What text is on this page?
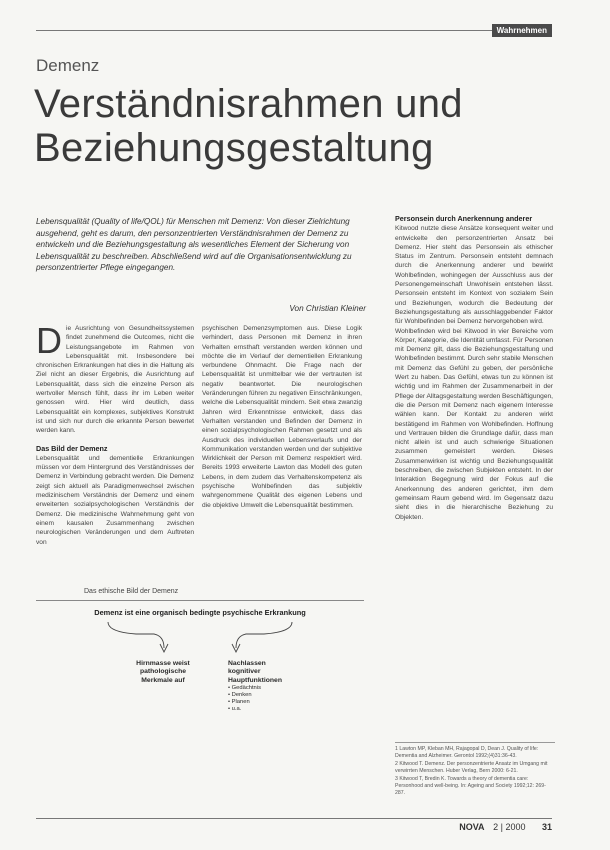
Wahrnehmen
Demenz
Verständnisrahmen und Beziehungsgestaltung
Lebensqualität (Quality of life/QOL) für Menschen mit Demenz: Von dieser Zielrichtung ausgehend, geht es darum, den personzentrierten Verständnisrahmen der Demenz zu entwickeln und die Beziehungsgestaltung als wesentliches Element der Sicherung von Lebensqualität zu beschreiben. Abschließend wird auf die Organisationsentwicklung zu personzentrierter Pflege eingegangen.
Von Christian Kleiner

Die Ausrichtung von Gesundheitssystemen findet zunehmend die Outcomes, nicht die Leistungsangebote im Rahmen von Lebensqualität mit. Insbesondere bei chronischen Erkrankungen hat dies in die Haltung als Ziel nicht an dieser Ergebnis, die Ausrichtung auf Lebensqualität, dass sich die einzelne Person als wertvoller Mensch fühlt, dass ihr im Leben weiter genossen wird. Hier wird deutlich, dass Lebensqualität ein komplexes, subjektives Konstrukt ist und sich nur durch die erkannte Person bewertet werden kann.

Das Bild der Demenz

Lebensqualität und dementielle Erkrankungen müssen vor dem Hintergrund des Verständnisses der Demenz in Verbindung gebracht werden. Die Demenz zeigt sich aktuell als Paradigmenwechsel zwischen medizinischem Verständnis der Demenz und einem erweiterten sozialpsychologischen Verständnis der Demenz. Die medizinische Wahrnehmung geht von einem kausalen Zusammenhang zwischen neurologischen Veränderungen und dem Auftreten von

psychischen Demenzsymptomen aus. Diese Logik verhindert, dass Personen mit Demenz in ihren Verhalten ernsthaft verstanden werden können und möchte die im Verlauf der dementiellen Erkrankung verbundene Ohnmacht. Die Frage nach der Lebensqualität ist unmittelbar wie der vertrauten ist negativ beantwortet. Die neurologischen Veränderungen führen zu negativen Einschränkungen, welche die Lebensqualität mindern. Seit etwa zwanzig Jahren wird Erkenntnisse entwickelt, dass das Verhalten verstanden und Befinden der Demenz in einen sozialpsychologischen Rahmen gesetzt und als Ausdruck des individuellen Lebensverlaufs und der Kommunikation verstanden werden und der subjektive Wirklichkeit der Person mit Demenz respektiert wird. Bereits 1993 erweiterte Lawton das Modell des guten Lebens, in dem zudem das Verhaltenskompetenz als psychische Wohlbefinden das subjektiv wahrgenommene Qualität des eigenen Lebens und die objektive Umwelt die Lebensqualität bestimmen.

Personsein durch Anerkennung anderer

Kitwood nutzte diese Ansätze konsequent weiter und entwickelte den personzentrierten Ansatz bei Demenz. Hier steht das Personsein als ethischer Status im Zentrum. Personsein entsteht demnach durch die Anerkennung anderer und bewirkt Wohlbefinden, wohingegen der Ausschluss aus der Personengemeinschaft Unwohlsein entstehen lässt. Personsein entsteht im Kontext von sozialem Sein und Beziehungen, wodurch die Bedeutung der Beziehungsgestaltung als ausschlaggebender Faktor für Wohlbefinden bei Demenz hervorgehoben wird.

Wohlbefinden wird bei Kitwood in vier Bereiche vom Körper, Kategorie, die Identität umfasst. Für Personen mit Demenz gilt, dass die Beziehungsgestaltung und Wohlbefinden bestimmt. Durch sehr stabile Menschen mit Demenz das Gefühl zu geben, der persönliche Wert zu haben. Das Gefühl, etwas tun zu können ist wichtig und im Rahmen der Zusammenarbeit in der Pflege der Alltagsgestaltung werden Beschäftigungen, die die Person mit Demenz nach eigenem Interesse wählen kann. Der Kontakt zu anderen wirkt bestätigend im Rahmen von Wohlbefinden. Hoffnung und Vertrauen bilden die Grundlage dafür, dass man nicht allein ist und auch schwierige Situationen zusammen gemeistert werden. Dieses Zusammenwirken ist wichtig und Beziehungsqualität beschreiben, die zwischen Subjekten entsteht. In der Interaktion Begegnung wird der Fokus auf die Anerkennung des anderen gerichtet, ihm dem gemeinsam Raum gebend wird. Im Gegensatz dazu sieht dies in die hierarchische Beziehung zu Objekten.

Das ethische Bild der Demenz
Demenz ist eine organisch bedingte psychische Erkrankung
Hirnmasse weist pathologische Merkmale auf
Nachlassen kognitiver Hauptfunktionen
• Gedächtnis
• Denken
• Planen
• u.a.
1 Lawton MP, Kleban MH, Rajagopal D, Dean J. Quality of life: Dementia and Alzheimer. Gerontol 1992;(4)31:36-43.
2 Kitwood T. Demenz. Der personzentrierte Ansatz im Umgang mit verwirrten Menschen. Huber Verlag, Bern 2000: 6-21.
3 Kitwood T, Bredin K. Towards a theory of dementia care: Personhood and well-being. In: Ageing and Society 1992;12: 269-287.
NOVA 2 | 2000 31
